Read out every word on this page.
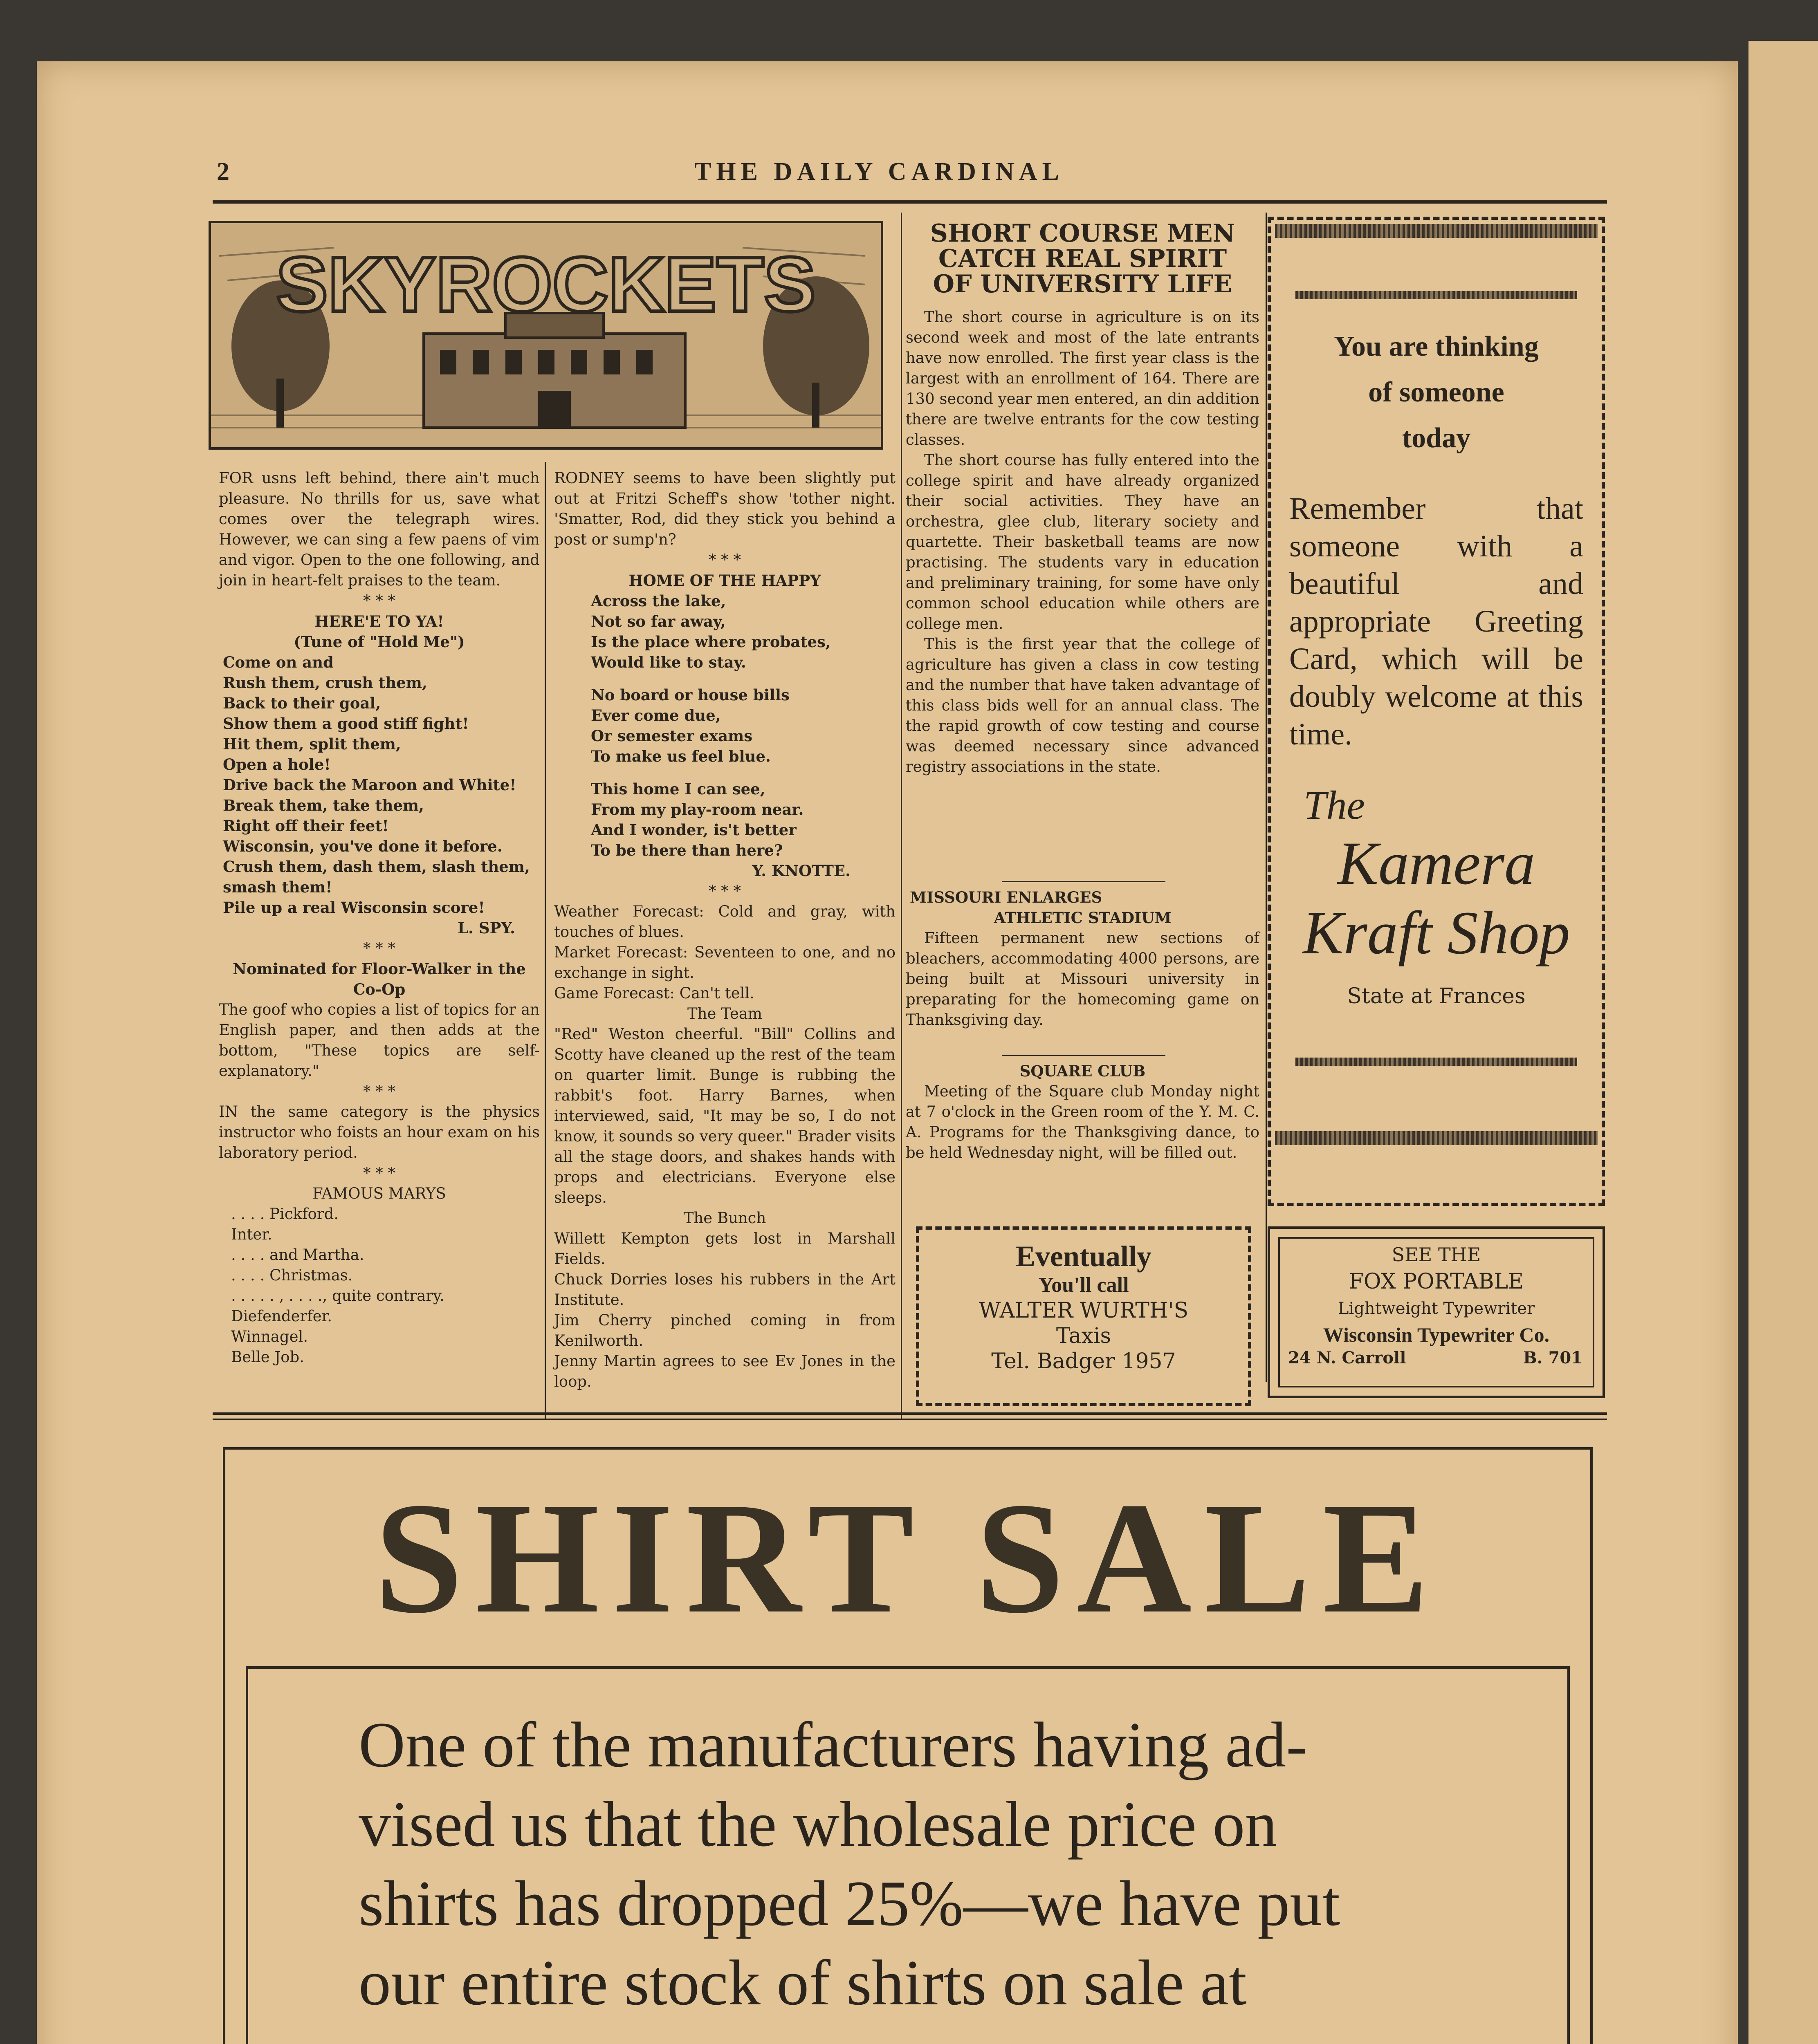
2	THE DAILY CARDINAL
SKYROCKETS
FOR usns left behind, there ain't much pleasure. No thrills for us, save what comes over the telegraph wires. However, we can sing a few paens of vim and vigor. Open to the one following, and join in heart-felt praises to the team.
* * *
HERE'E TO YA!
(Tune of "Hold Me")
Come on and
Rush them, crush them,
Back to their goal,
Show them a good stiff fight!
Hit them, split them,
Open a hole!
Drive back the Maroon and White!
Break them, take them,
Right off their feet!
Wisconsin, you've done it before.
Crush them, dash them, slash them, smash them!
Pile up a real Wisconsin score!
L. SPY.
* * *
Nominated for Floor-Walker in the Co-Op
The goof who copies a list of topics for an English paper, and then adds at the bottom, "These topics are self-explanatory."
* * *
IN the same category is the physics instructor who foists an hour exam on his laboratory period.
* * *
FAMOUS MARYS
. . . . Pickford.
Inter.
. . . . and Martha.
. . . . Christmas.
. . . . . , . . . ., quite contrary.
Diefenderfer.
Winnagel.
Belle Job.
RODNEY seems to have been slightly put out at Fritzi Scheff's show 'tother night. 'Smatter, Rod, did they stick you behind a post or sump'n?
* * *
HOME OF THE HAPPY
Across the lake,
Not so far away,
Is the place where probates,
Would like to stay.
No board or house bills
Ever come due,
Or semester exams
To make us feel blue.
This home I can see,
From my play-room near.
And I wonder, is't better
To be there than here?
Y. KNOTTE.
* * *
Weather Forecast: Cold and gray, with touches of blues.
Market Forecast: Seventeen to one, and no exchange in sight.
Game Forecast: Can't tell.
The Team
"Red" Weston cheerful. "Bill" Collins and Scotty have cleaned up the rest of the team on quarter limit. Bunge is rubbing the rabbit's foot. Harry Barnes, when interviewed, said, "It may be so, I do not know, it sounds so very queer." Brader visits all the stage doors, and shakes hands with props and electricians. Everyone else sleeps.
The Bunch
Willett Kempton gets lost in Marshall Fields.
Chuck Dorries loses his rubbers in the Art Institute.
Jim Cherry pinched coming in from Kenilworth.
Jenny Martin agrees to see Ev Jones in the loop.
SHORT COURSE MEN
CATCH REAL SPIRIT
OF UNIVERSITY LIFE
The short course in agriculture is on its second week and most of the late entrants have now enrolled. The first year class is the largest with an enrollment of 164. There are 130 second year men entered, an din addition there are twelve entrants for the cow testing classes.
The short course has fully entered into the college spirit and have already organized their social activities. They have an orchestra, glee club, literary society and quartette. Their basketball teams are now practising. The students vary in education and preliminary training, for some have only common school education while others are college men.
This is the first year that the college of agriculture has given a class in cow testing and the number that have taken advantage of this class bids well for an annual class. The the rapid growth of cow testing and course was deemed necessary since advanced registry associations in the state.
MISSOURI ENLARGES
ATHLETIC STADIUM
Fifteen permanent new sections of bleachers, accommodating 4000 persons, are being built at Missouri university in preparating for the homecoming game on Thanksgiving day.
SQUARE CLUB
Meeting of the Square club Monday night at 7 o'clock in the Green room of the Y. M. C. A. Programs for the Thanksgiving dance, to be held Wednesday night, will be filled out.
Eventually
You'll call
WALTER WURTH'S
Taxis
Tel. Badger 1957
You are thinking
of someone
today
Remember that someone with a beautiful and appropriate Greeting Card, which will be doubly welcome at this time.
The
Kamera
Kraft Shop
State at Frances
SEE THE
FOX PORTABLE
Lightweight Typewriter
Wisconsin Typewriter Co.
24 N. Carroll	B. 701
SHIRT SALE
One of the manufacturers having ad-
vised us that the wholesale price on
shirts has dropped 25%—we have put
our entire stock of shirts on sale at
